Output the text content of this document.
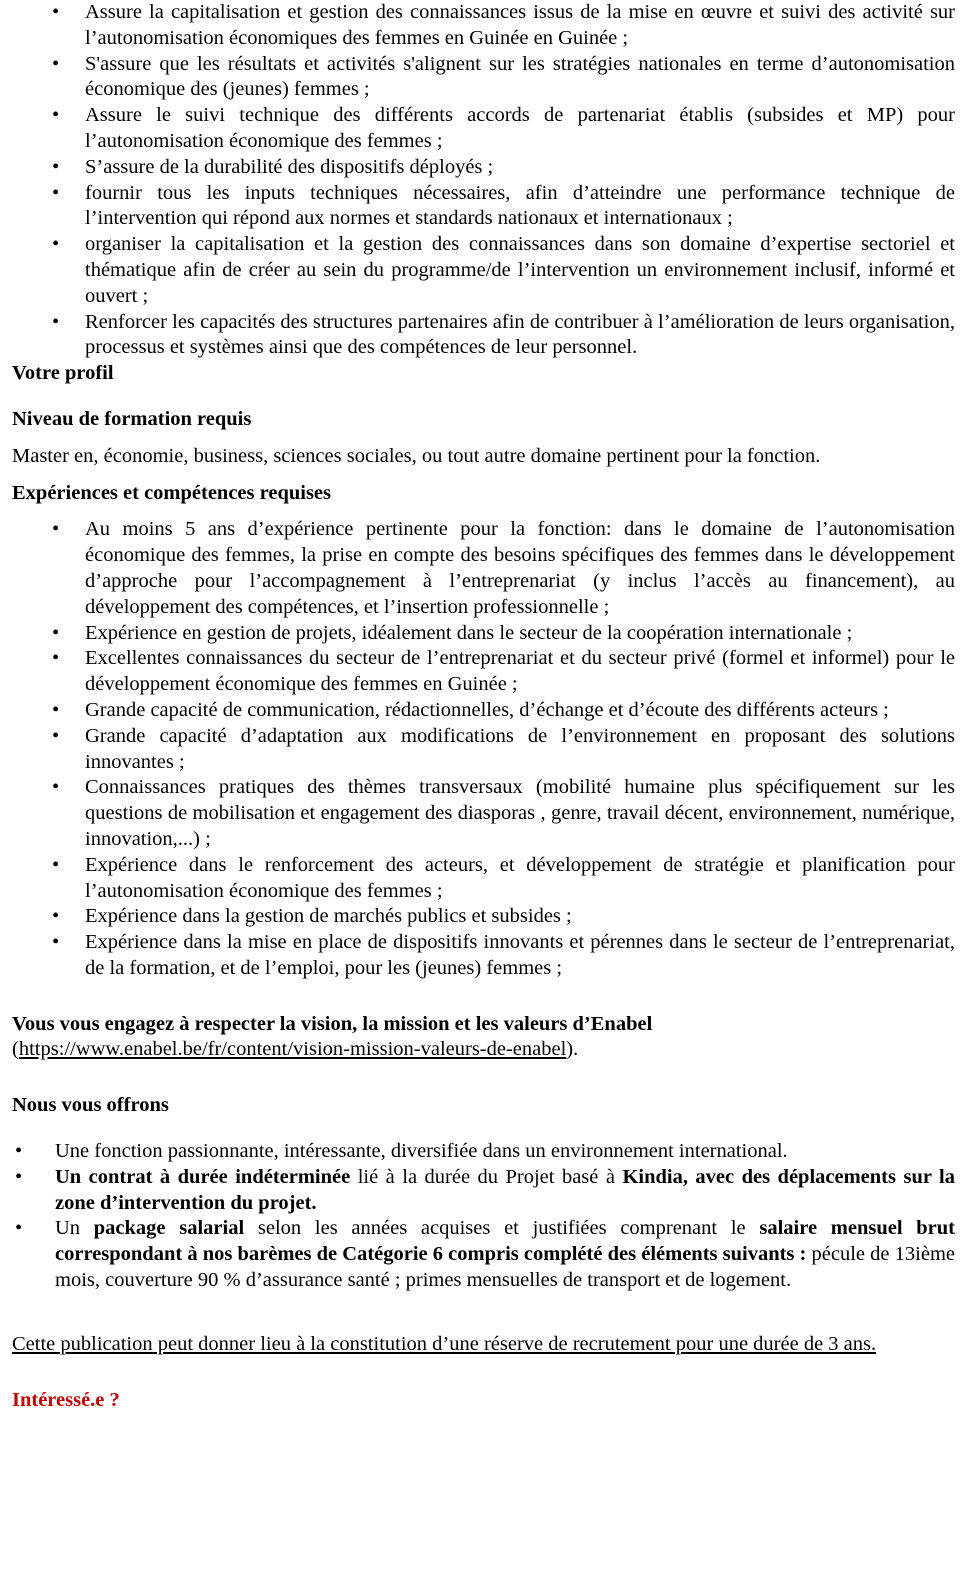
•
Assure la capitalisation et gestion des connaissances issus de la mise en œuvre et suivi des activité sur l’autonomisation économiques des femmes en Guinée en Guinée ;
•
S'assure que les résultats et activités s'alignent sur les stratégies nationales en terme d’autonomisation économique des (jeunes) femmes ;
•
Assure le suivi technique des différents accords de partenariat établis (subsides et MP) pour l’autonomisation économique des femmes ;
•
S’assure de la durabilité des dispositifs déployés ;
•
fournir tous les inputs techniques nécessaires, afin d’atteindre une performance technique de l’intervention qui répond aux normes et standards nationaux et internationaux ;
•
organiser la capitalisation et la gestion des connaissances dans son domaine d’expertise sectoriel et thématique afin de créer au sein du programme/de l’intervention un environnement inclusif, informé et ouvert ;
•
Renforcer les capacités des structures partenaires afin de contribuer à l’amélioration de leurs organisation, processus et systèmes ainsi que des compétences de leur personnel.
Votre profil
Niveau de formation requis
Master en, économie, business, sciences sociales, ou tout autre domaine pertinent pour la fonction.
Expériences et compétences requises
•
Au moins 5 ans d’expérience pertinente pour la fonction: dans le domaine de l’autonomisation économique des femmes, la prise en compte des besoins spécifiques des femmes dans le développement d’approche pour l’accompagnement à l’entreprenariat (y inclus l’accès au financement), au développement des compétences, et l’insertion professionnelle ;
•
Expérience en gestion de projets, idéalement dans le secteur de la coopération internationale ;
•
Excellentes connaissances du secteur de l’entreprenariat et du secteur privé (formel et informel) pour le développement économique des femmes en Guinée ;
•
Grande capacité de communication, rédactionnelles, d’échange et d’écoute des différents acteurs ;
•
Grande capacité d’adaptation aux modifications de l’environnement en proposant des solutions innovantes ;
•
Connaissances pratiques des thèmes transversaux (mobilité humaine plus spécifiquement sur les questions de mobilisation et engagement des diasporas , genre, travail décent, environnement, numérique, innovation,...) ;
•
Expérience dans le renforcement des acteurs, et développement de stratégie et planification pour l’autonomisation économique des femmes ;
•
Expérience dans la gestion de marchés publics et subsides ;
•
Expérience dans la mise en place de dispositifs innovants et pérennes dans le secteur de l’entreprenariat, de la formation, et de l’emploi, pour les (jeunes) femmes ;
Vous vous engagez à respecter la vision, la mission et les valeurs d’Enabel
(https://www.enabel.be/fr/content/vision-mission-valeurs-de-enabel).
Nous vous offrons
•
Une fonction passionnante, intéressante, diversifiée dans un environnement international.
•
Un contrat à durée indéterminée lié à la durée du Projet basé à Kindia, avec des déplacements sur la zone d’intervention du projet.
•
Un package salarial selon les années acquises et justifiées comprenant le salaire mensuel brut correspondant à nos barèmes de Catégorie 6 compris complété des éléments suivants : pécule de 13ième mois, couverture 90 % d’assurance santé ; primes mensuelles de transport et de logement.
Cette publication peut donner lieu à la constitution d’une réserve de recrutement pour une durée de 3 ans.
Intéressé.e ?
